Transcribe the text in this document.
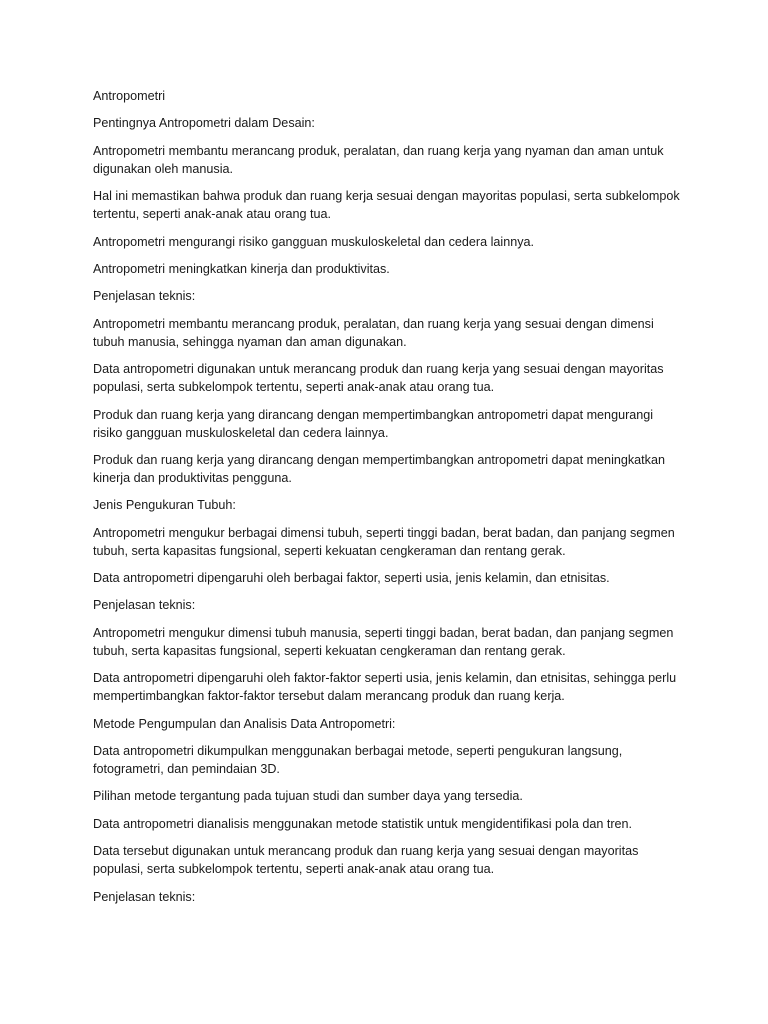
Antropometri

Pentingnya Antropometri dalam Desain:

Antropometri membantu merancang produk, peralatan, dan ruang kerja yang nyaman dan aman untuk digunakan oleh manusia.

Hal ini memastikan bahwa produk dan ruang kerja sesuai dengan mayoritas populasi, serta subkelompok tertentu, seperti anak-anak atau orang tua.

Antropometri mengurangi risiko gangguan muskuloskeletal dan cedera lainnya.

Antropometri meningkatkan kinerja dan produktivitas.

Penjelasan teknis:

Antropometri membantu merancang produk, peralatan, dan ruang kerja yang sesuai dengan dimensi tubuh manusia, sehingga nyaman dan aman digunakan.

Data antropometri digunakan untuk merancang produk dan ruang kerja yang sesuai dengan mayoritas populasi, serta subkelompok tertentu, seperti anak-anak atau orang tua.

Produk dan ruang kerja yang dirancang dengan mempertimbangkan antropometri dapat mengurangi risiko gangguan muskuloskeletal dan cedera lainnya.

Produk dan ruang kerja yang dirancang dengan mempertimbangkan antropometri dapat meningkatkan kinerja dan produktivitas pengguna.

Jenis Pengukuran Tubuh:

Antropometri mengukur berbagai dimensi tubuh, seperti tinggi badan, berat badan, dan panjang segmen tubuh, serta kapasitas fungsional, seperti kekuatan cengkeraman dan rentang gerak.

Data antropometri dipengaruhi oleh berbagai faktor, seperti usia, jenis kelamin, dan etnisitas.

Penjelasan teknis:

Antropometri mengukur dimensi tubuh manusia, seperti tinggi badan, berat badan, dan panjang segmen tubuh, serta kapasitas fungsional, seperti kekuatan cengkeraman dan rentang gerak.

Data antropometri dipengaruhi oleh faktor-faktor seperti usia, jenis kelamin, dan etnisitas, sehingga perlu mempertimbangkan faktor-faktor tersebut dalam merancang produk dan ruang kerja.

Metode Pengumpulan dan Analisis Data Antropometri:

Data antropometri dikumpulkan menggunakan berbagai metode, seperti pengukuran langsung, fotogrametri, dan pemindaian 3D.

Pilihan metode tergantung pada tujuan studi dan sumber daya yang tersedia.

Data antropometri dianalisis menggunakan metode statistik untuk mengidentifikasi pola dan tren.

Data tersebut digunakan untuk merancang produk dan ruang kerja yang sesuai dengan mayoritas populasi, serta subkelompok tertentu, seperti anak-anak atau orang tua.

Penjelasan teknis:
